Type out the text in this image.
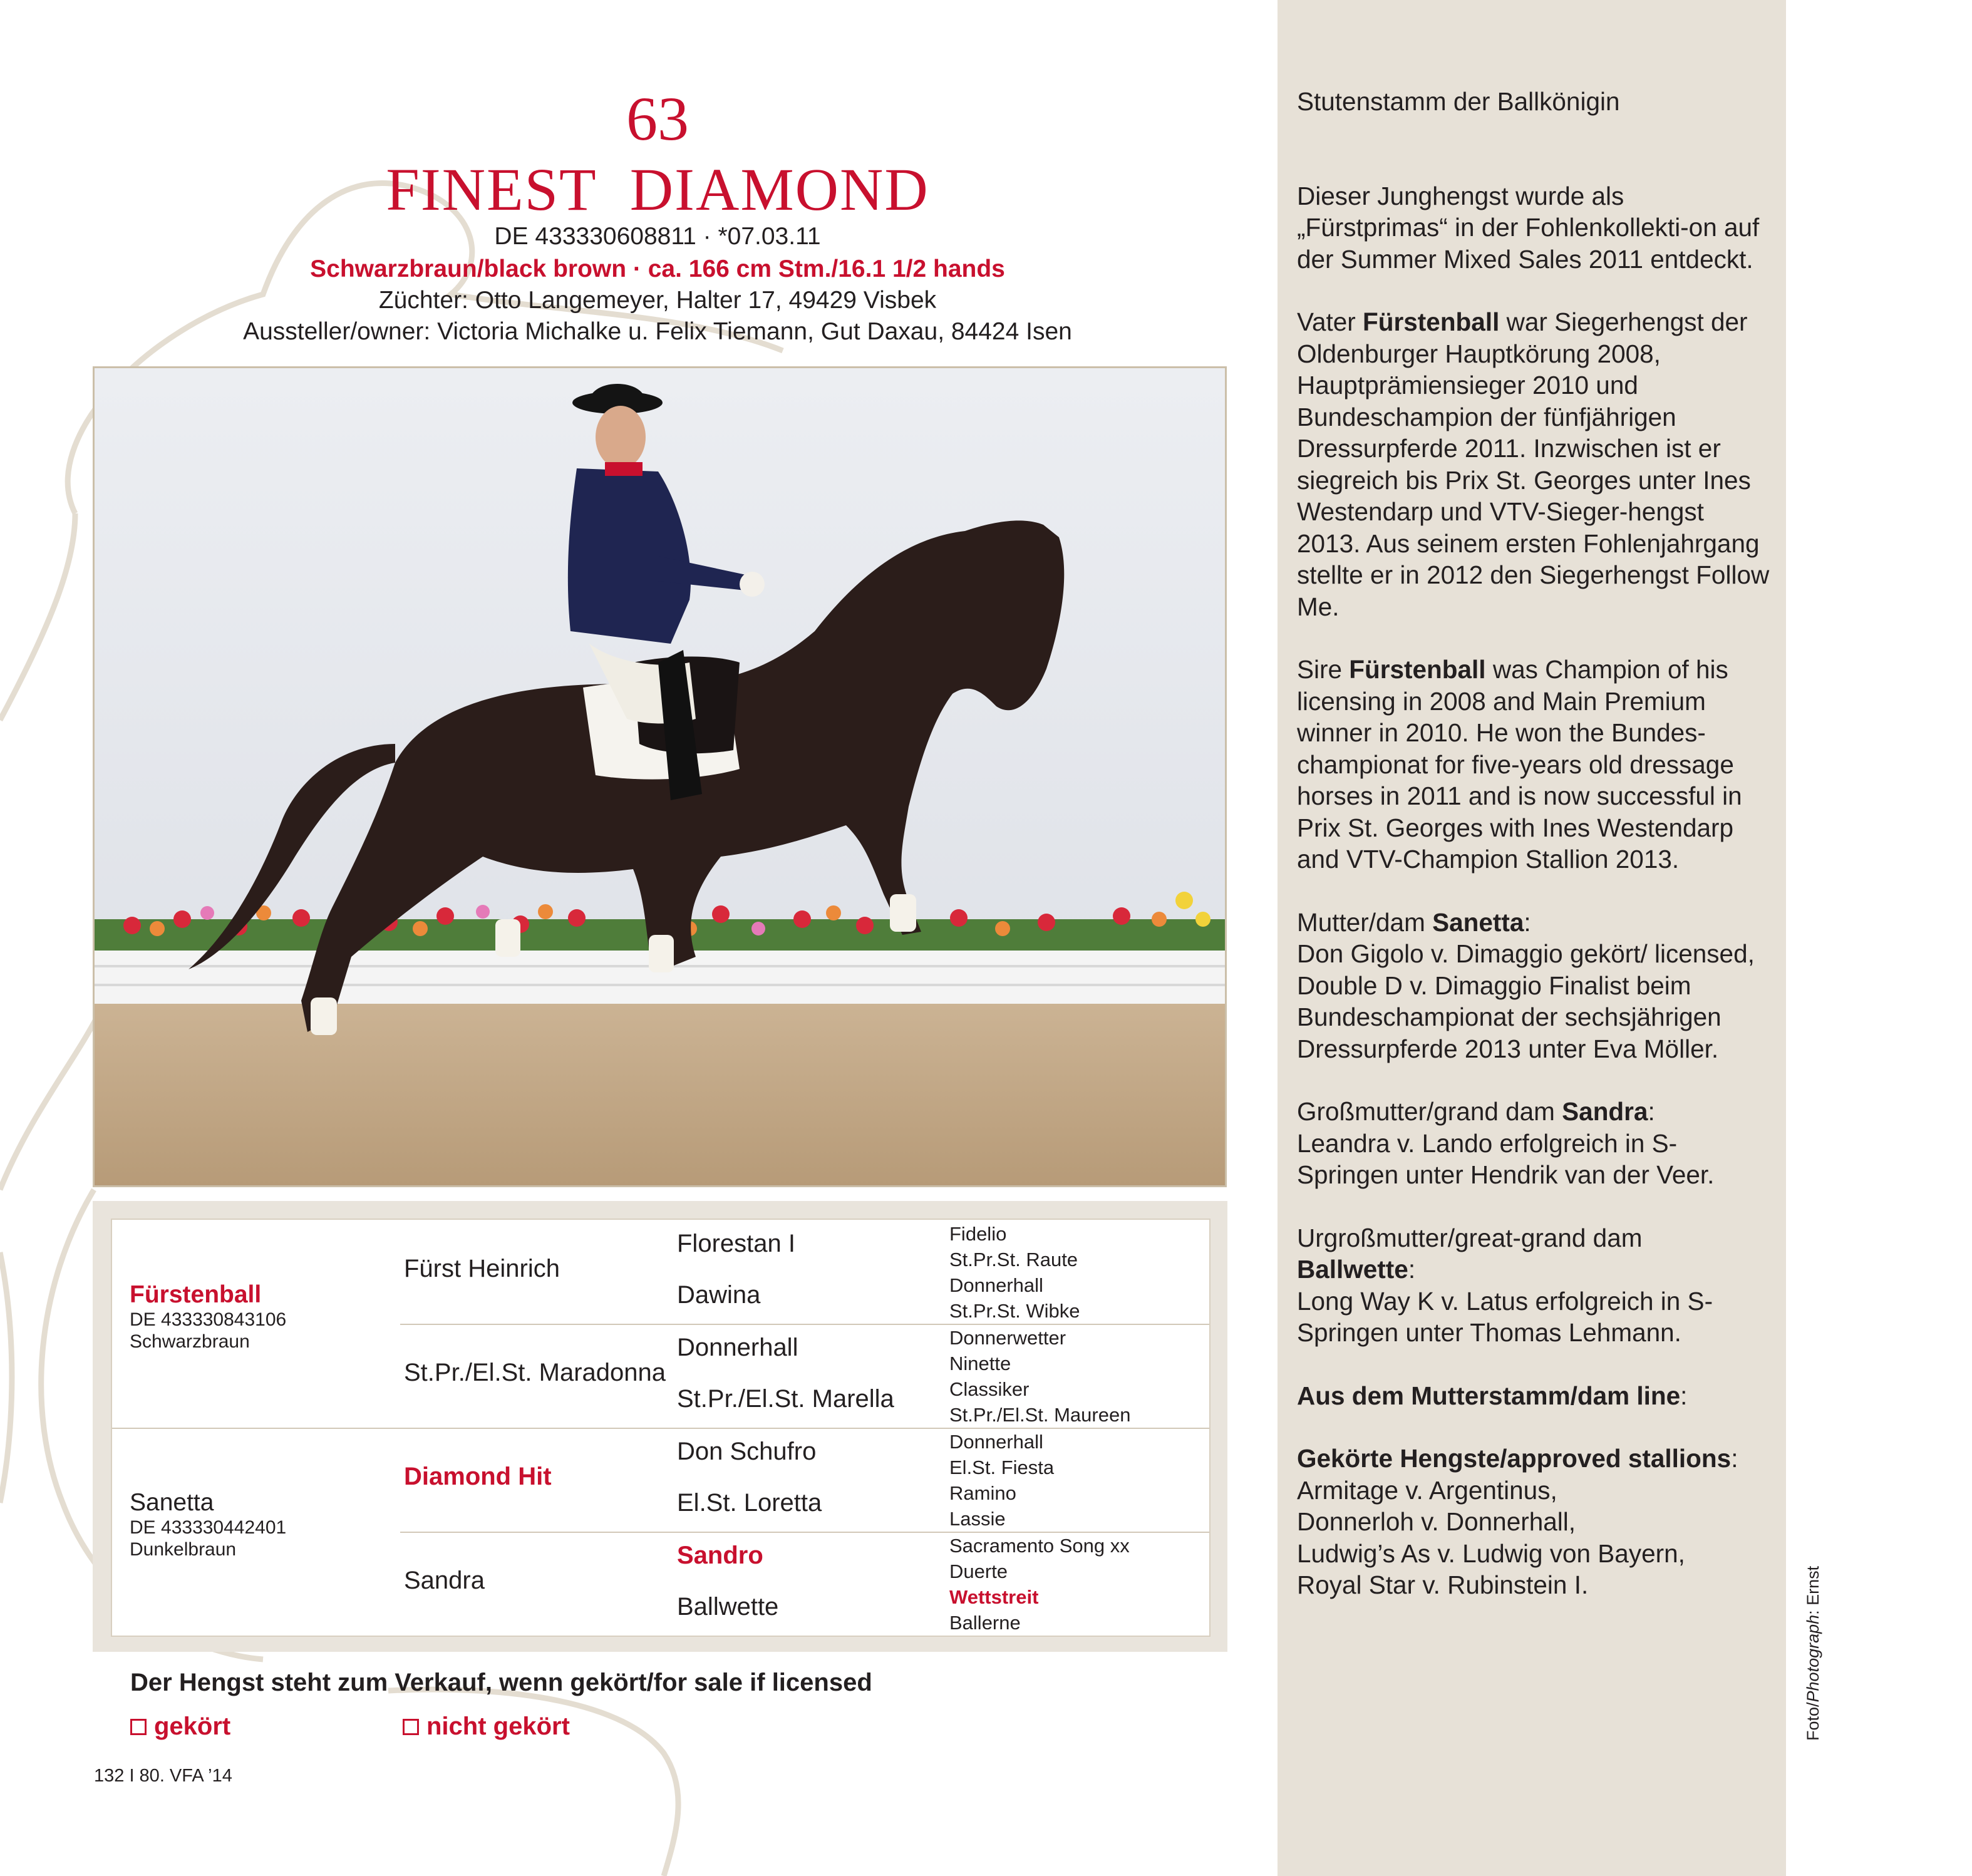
63
FINEST DIAMOND
DE 433330608811 · *07.03.11
Schwarzbraun/black brown · ca. 166 cm Stm./16.1 1/2 hands
Züchter: Otto Langemeyer, Halter 17, 49429 Visbek
Aussteller/owner: Victoria Michalke u. Felix Tiemann, Gut Daxau, 84424 Isen
Fürstenball
DE 433330843106
Schwarzbraun
Sanetta
DE 433330442401
Dunkelbraun
Fürst Heinrich
St.Pr./El.St. Maradonna
Diamond Hit
Sandra
Florestan I
Dawina
Donnerhall
St.Pr./El.St. Marella
Don Schufro
El.St. Loretta
Sandro
Ballwette
Fidelio
St.Pr.St. Raute
Donnerhall
St.Pr.St. Wibke
Donnerwetter
Ninette
Classiker
St.Pr./El.St. Maureen
Donnerhall
El.St. Fiesta
Ramino
Lassie
Sacramento Song xx
Duerte
Wettstreit
Ballerne
Der Hengst steht zum Verkauf, wenn gekört/for sale if licensed
gekört	nicht gekört
132 I 80. VFA ’14

Stutenstamm der Ballkönigin

Dieser Junghengst wurde als „Fürstprimas“ in der Fohlenkollekti-on auf der Summer Mixed Sales 2011 entdeckt.

Vater Fürstenball war Siegerhengst der Oldenburger Hauptkörung 2008, Hauptprämiensieger 2010 und Bundeschampion der fünfjährigen Dressurpferde 2011. Inzwischen ist er siegreich bis Prix St. Georges unter Ines Westendarp und VTV-Sieger-hengst 2013. Aus seinem ersten Fohlenjahrgang stellte er in 2012 den Siegerhengst Follow Me.

Sire Fürstenball was Champion of his licensing in 2008 and Main Premium winner in 2010. He won the Bundes-championat for five-years old dressage horses in 2011 and is now successful in Prix St. Georges with Ines Westendarp and VTV-Champion Stallion 2013.

Mutter/dam Sanetta:
Don Gigolo v. Dimaggio gekört/ licensed,
Double D v. Dimaggio Finalist beim Bundeschampionat der sechsjährigen Dressurpferde 2013 unter Eva Möller.

Großmutter/grand dam Sandra:
Leandra v. Lando erfolgreich in S-Springen unter Hendrik van der Veer.

Urgroßmutter/great-grand dam
Ballwette:
Long Way K v. Latus erfolgreich in S-Springen unter Thomas Lehmann.

Aus dem Mutterstamm/dam line:

Gekörte Hengste/approved stallions:
Armitage v. Argentinus,
Donnerloh v. Donnerhall,
Ludwig’s As v. Ludwig von Bayern,
Royal Star v. Rubinstein I.

Foto/Photograph: Ernst
